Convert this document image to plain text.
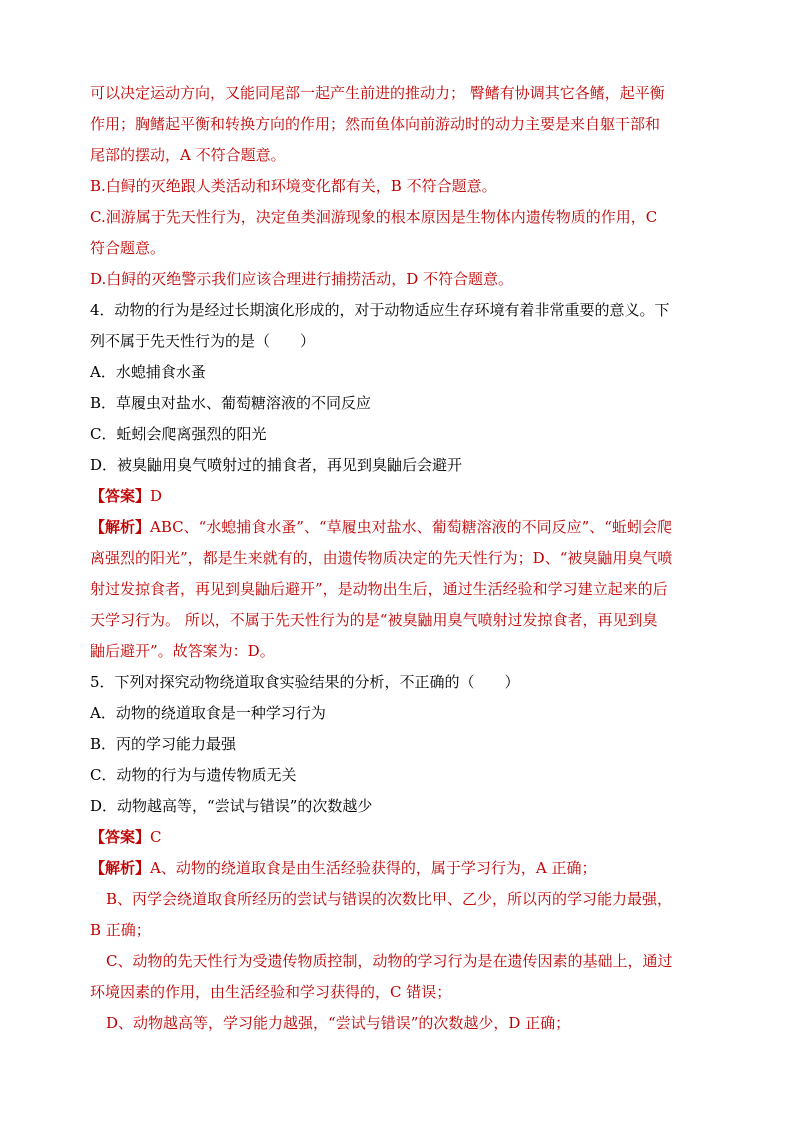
可以决定运动方向，又能同尾部一起产生前进的推动力； 臀鳍有协调其它各鳍，起平衡
作用；胸鳍起平衡和转换方向的作用；然而鱼体向前游动时的动力主要是来自躯干部和
尾部的摆动，A 不符合题意。
B.白鲟的灭绝跟人类活动和环境变化都有关，B 不符合题意。
C.洄游属于先天性行为，决定鱼类洄游现象的根本原因是生物体内遗传物质的作用，C
符合题意。
D.白鲟的灭绝警示我们应该合理进行捕捞活动，D 不符合题意。
4．动物的行为是经过长期演化形成的，对于动物适应生存环境有着非常重要的意义。下
列不属于先天性行为的是（　　）
A．水螅捕食水蚤
B．草履虫对盐水、葡萄糖溶液的不同反应
C．蚯蚓会爬离强烈的阳光
D．被臭鼬用臭气喷射过的捕食者，再见到臭鼬后会避开
【答案】D
【解析】ABC、“水螅捕食水蚤”、“草履虫对盐水、葡萄糖溶液的不同反应”、“蚯蚓会爬
离强烈的阳光”，都是生来就有的，由遗传物质决定的先天性行为；D、“被臭鼬用臭气喷
射过发掠食者，再见到臭鼬后避开”，是动物出生后，通过生活经验和学习建立起来的后
天学习行为。 所以，不属于先天性行为的是“被臭鼬用臭气喷射过发掠食者，再见到臭
鼬后避开”。故答案为：D。
5．下列对探究动物绕道取食实验结果的分析，不正确的（　　）
A．动物的绕道取食是一种学习行为
B．丙的学习能力最强
C．动物的行为与遗传物质无关
D．动物越高等，“尝试与错误”的次数越少
【答案】C
【解析】A、动物的绕道取食是由生活经验获得的，属于学习行为，A 正确；
B、丙学会绕道取食所经历的尝试与错误的次数比甲、乙少，所以丙的学习能力最强，
B 正确；
C、动物的先天性行为受遗传物质控制，动物的学习行为是在遗传因素的基础上，通过
环境因素的作用，由生活经验和学习获得的，C 错误；
D、动物越高等，学习能力越强，“尝试与错误”的次数越少，D 正确；
